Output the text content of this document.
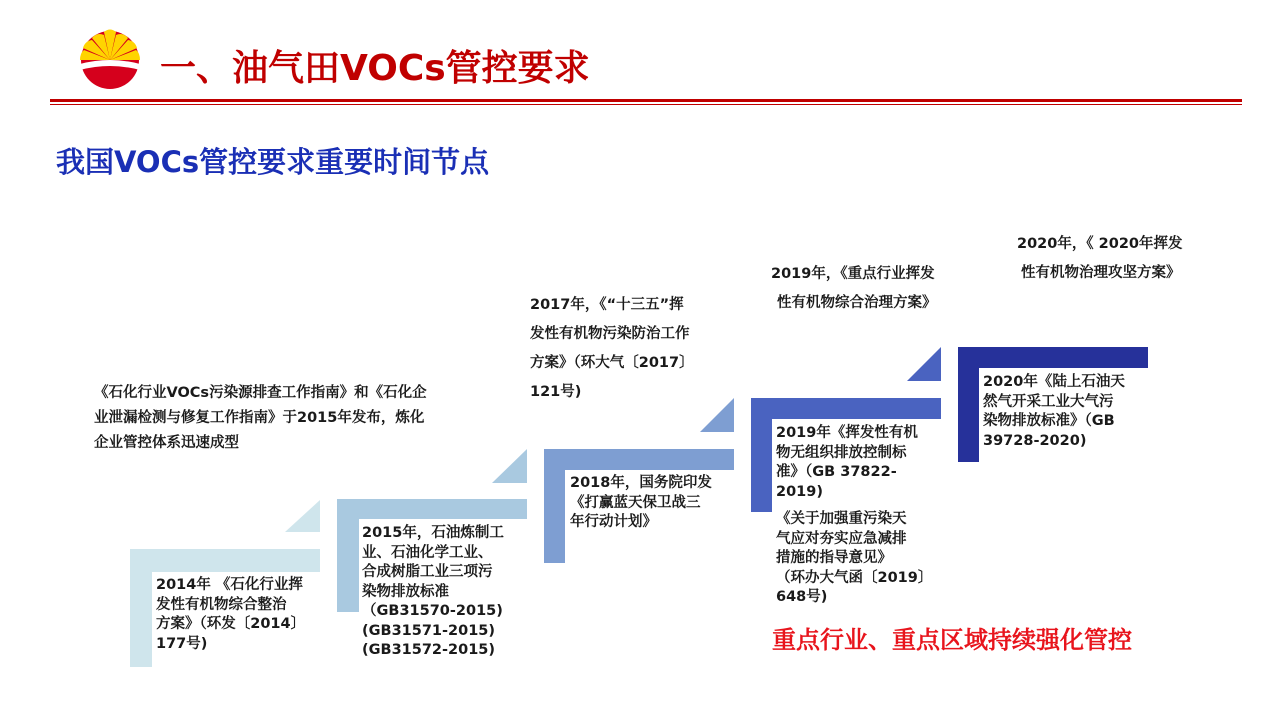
一、油气田VOCs管控要求
我国VOCs管控要求重要时间节点
《石化行业VOCs污染源排查工作指南》和《石化企
业泄漏检测与修复工作指南》于2015年发布，炼化
企业管控体系迅速成型
2014年 《石化行业挥
发性有机物综合整治
方案》（环发〔2014〕
177号)
2015年，石油炼制工
业、石油化学工业、
合成树脂工业三项污
染物排放标准
（GB31570-2015)
(GB31571-2015)
(GB31572-2015)
2018年，国务院印发
《打赢蓝天保卫战三
年行动计划》
2019年《挥发性有机
物无组织排放控制标
准》（GB 37822-
2019)
《关于加强重污染天
气应对夯实应急减排
措施的指导意见》
（环办大气函〔2019〕
648号)
2020年《陆上石油天
然气开采工业大气污
染物排放标准》（GB
39728-2020)
2017年，《“十三五”挥
发性有机物污染防治工作
方案》（环大气〔2017〕
121号)
2019年，《重点行业挥发
性有机物综合治理方案》
2020年，《 2020年挥发
性有机物治理攻坚方案》
重点行业、重点区域持续强化管控
